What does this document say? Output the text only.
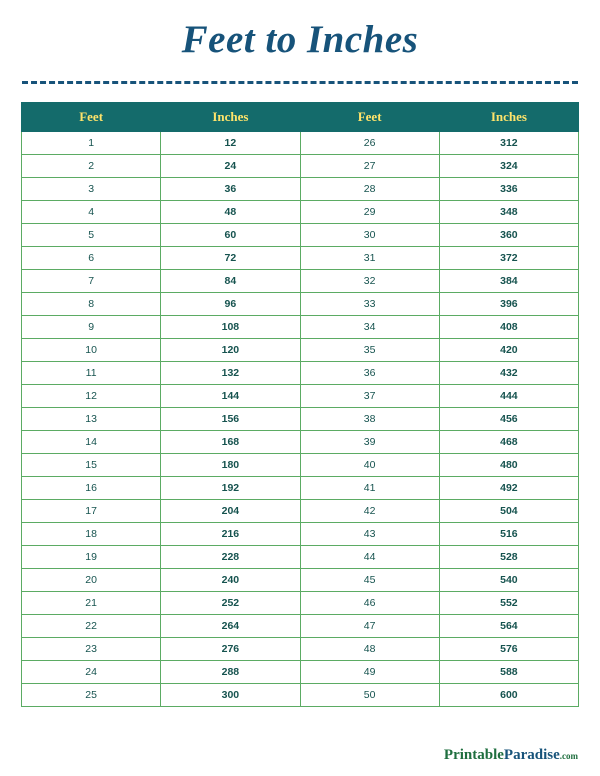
Feet to Inches
Feet	Inches	Feet	Inches
1	12	26	312
2	24	27	324
3	36	28	336
4	48	29	348
5	60	30	360
6	72	31	372
7	84	32	384
8	96	33	396
9	108	34	408
10	120	35	420
11	132	36	432
12	144	37	444
13	156	38	456
14	168	39	468
15	180	40	480
16	192	41	492
17	204	42	504
18	216	43	516
19	228	44	528
20	240	45	540
21	252	46	552
22	264	47	564
23	276	48	576
24	288	49	588
25	300	50	600
PrintableParadise.com
